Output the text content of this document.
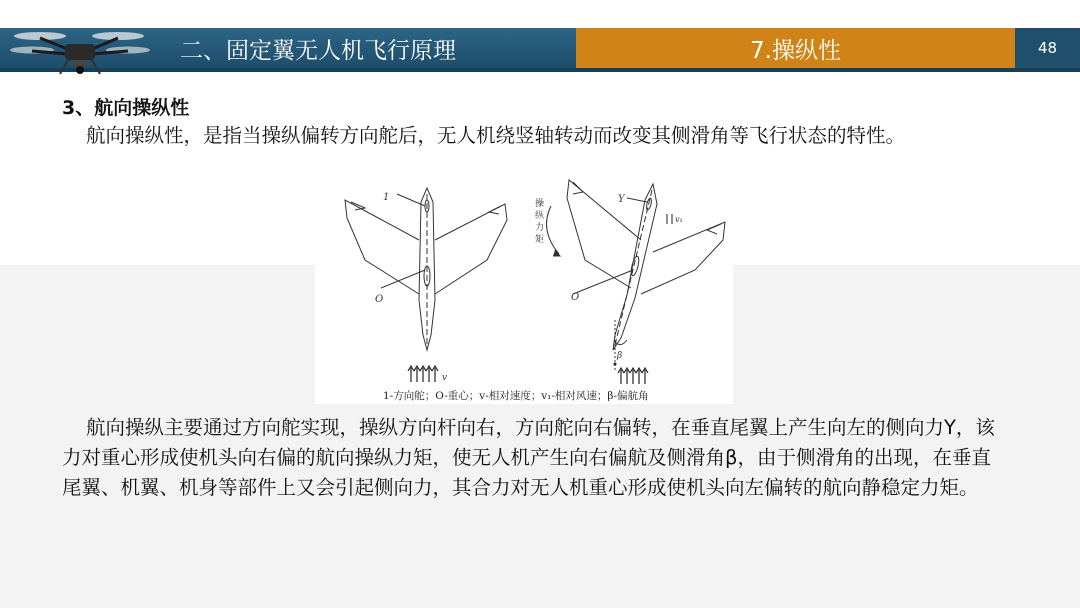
二、固定翼无人机飞行原理	7.操纵性	48
3、航向操纵性

航向操纵性，是指当操纵偏转方向舵后，无人机绕竖轴转动而改变其侧滑角等飞行状态的特性。

1
O
v
操
纵
力
矩
Y
v₁
O
β
1-方向舵；O-重心；v-相对速度；v₁-相对风速；β-偏航角

航向操纵主要通过方向舵实现，操纵方向杆向右，方向舵向右偏转，在垂直尾翼上产生向左的侧向力Y，该力对重心形成使机头向右偏的航向操纵力矩，使无人机产生向右偏航及侧滑角β，由于侧滑角的出现，在垂直尾翼、机翼、机身等部件上又会引起侧向力，其合力对无人机重心形成使机头向左偏转的航向静稳定力矩。
